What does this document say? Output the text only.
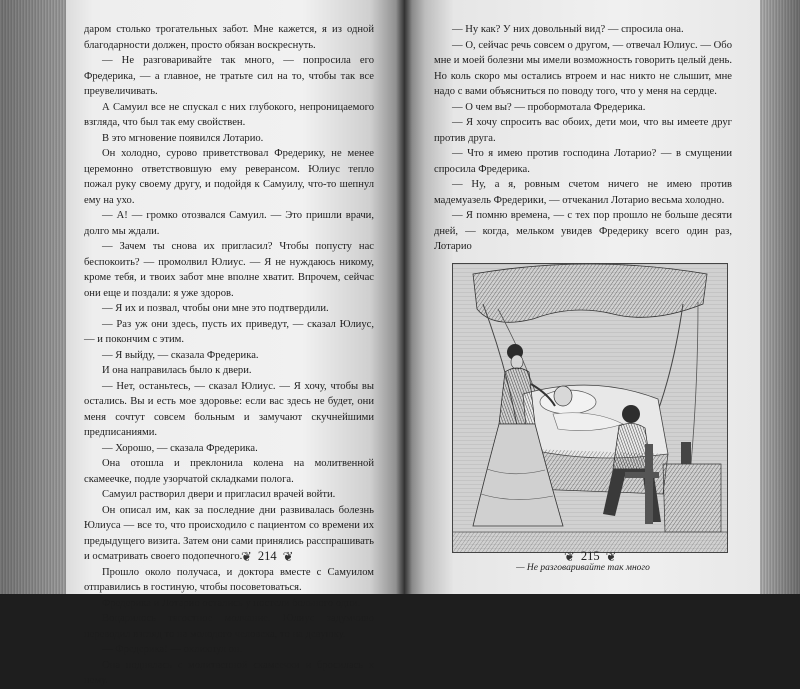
даром столько трогательных забот. Мне кажется, я из одной благодарности должен, просто обязан воскреснуть.

— Не разговаривайте так много, — попросила его Фредерика, — а главное, не тратьте сил на то, чтобы так все преувеличивать.

А Самуил все не спускал с них глубокого, непроницаемого взгляда, что был так ему свойствен.

В это мгновение появился Лотарио.

Он холодно, сурово приветствовал Фредерику, не менее церемонно ответствовшую ему реверансом. Юлиус тепло пожал руку своему другу, и подойдя к Самуилу, что-то шепнул ему на ухо.

— А! — громко отозвался Самуил. — Это пришли врачи, долго мы ждали.

— Зачем ты снова их пригласил? Чтобы попусту нас беспокоить? — промолвил Юлиус. — Я не нуждаюсь никому, кроме тебя, и твоих забот мне вполне хватит. Впрочем, сейчас они еще и поздали: я уже здоров.

— Я их и позвал, чтобы они мне это подтвердили.

— Раз уж они здесь, пусть их приведут, — сказал Юлиус, — и покончим с этим.

— Я выйду, — сказала Фредерика.

И она направилась было к двери.

— Нет, останьтесь, — сказал Юлиус. — Я хочу, чтобы вы остались. Вы и есть мое здоровье: если вас здесь не будет, они меня сочтут совсем больным и замучают скучнейшими предписаниями.

— Хорошо, — сказала Фредерика.

Она отошла и преклонила колена на молитвенной скамеечке, подле узорчатой складками полога.

Самуил растворил двери и пригласил врачей войти.

Он описал им, как за последние дни развивалась болезнь Юлиуса — все то, что происходило с пациентом со времени их предыдущего визита. Затем они сами принялись расспрашивать и осматривать своего подопечного.

Прошло около получаса, и доктора вместе с Самуилом отправились в гостиную, чтобы посоветоваться.

Фредерика и Лотарио остались у постели больного одни.

Воцарилось тягостное молчание. Юлиус задумчиво переводил взгляд то на молодого человека, то на девушку.

— Фредерика! — окликнул он.

Она поднялась с молитвенной скамеечки и бросилась к нему.

❦ 214 ❦

— Ну как? У них довольный вид? — спросила она.

— О, сейчас речь совсем о другом, — отвечал Юлиус. — Обо мне и моей болезни мы имели возможность говорить целый день. Но коль скоро мы остались втроем и нас никто не слышит, мне надо с вами объясниться по поводу того, что у меня на сердце.

— О чем вы? — пробормотала Фредерика.

— Я хочу спросить вас обоих, дети мои, что вы имеете друг против друга.

— Что я имею против господина Лотарио? — в смущении спросила Фредерика.

— Ну, а я, ровным счетом ничего не имею против мадемуазель Фредерики, — отчеканил Лотарио весьма холодно.

— Я помню времена, — с тех пор прошло не больше десяти дней, — когда, мельком увидев Фредерику всего один раз, Лотарио

— Не разговаривайте так много
❦ 215 ❦
